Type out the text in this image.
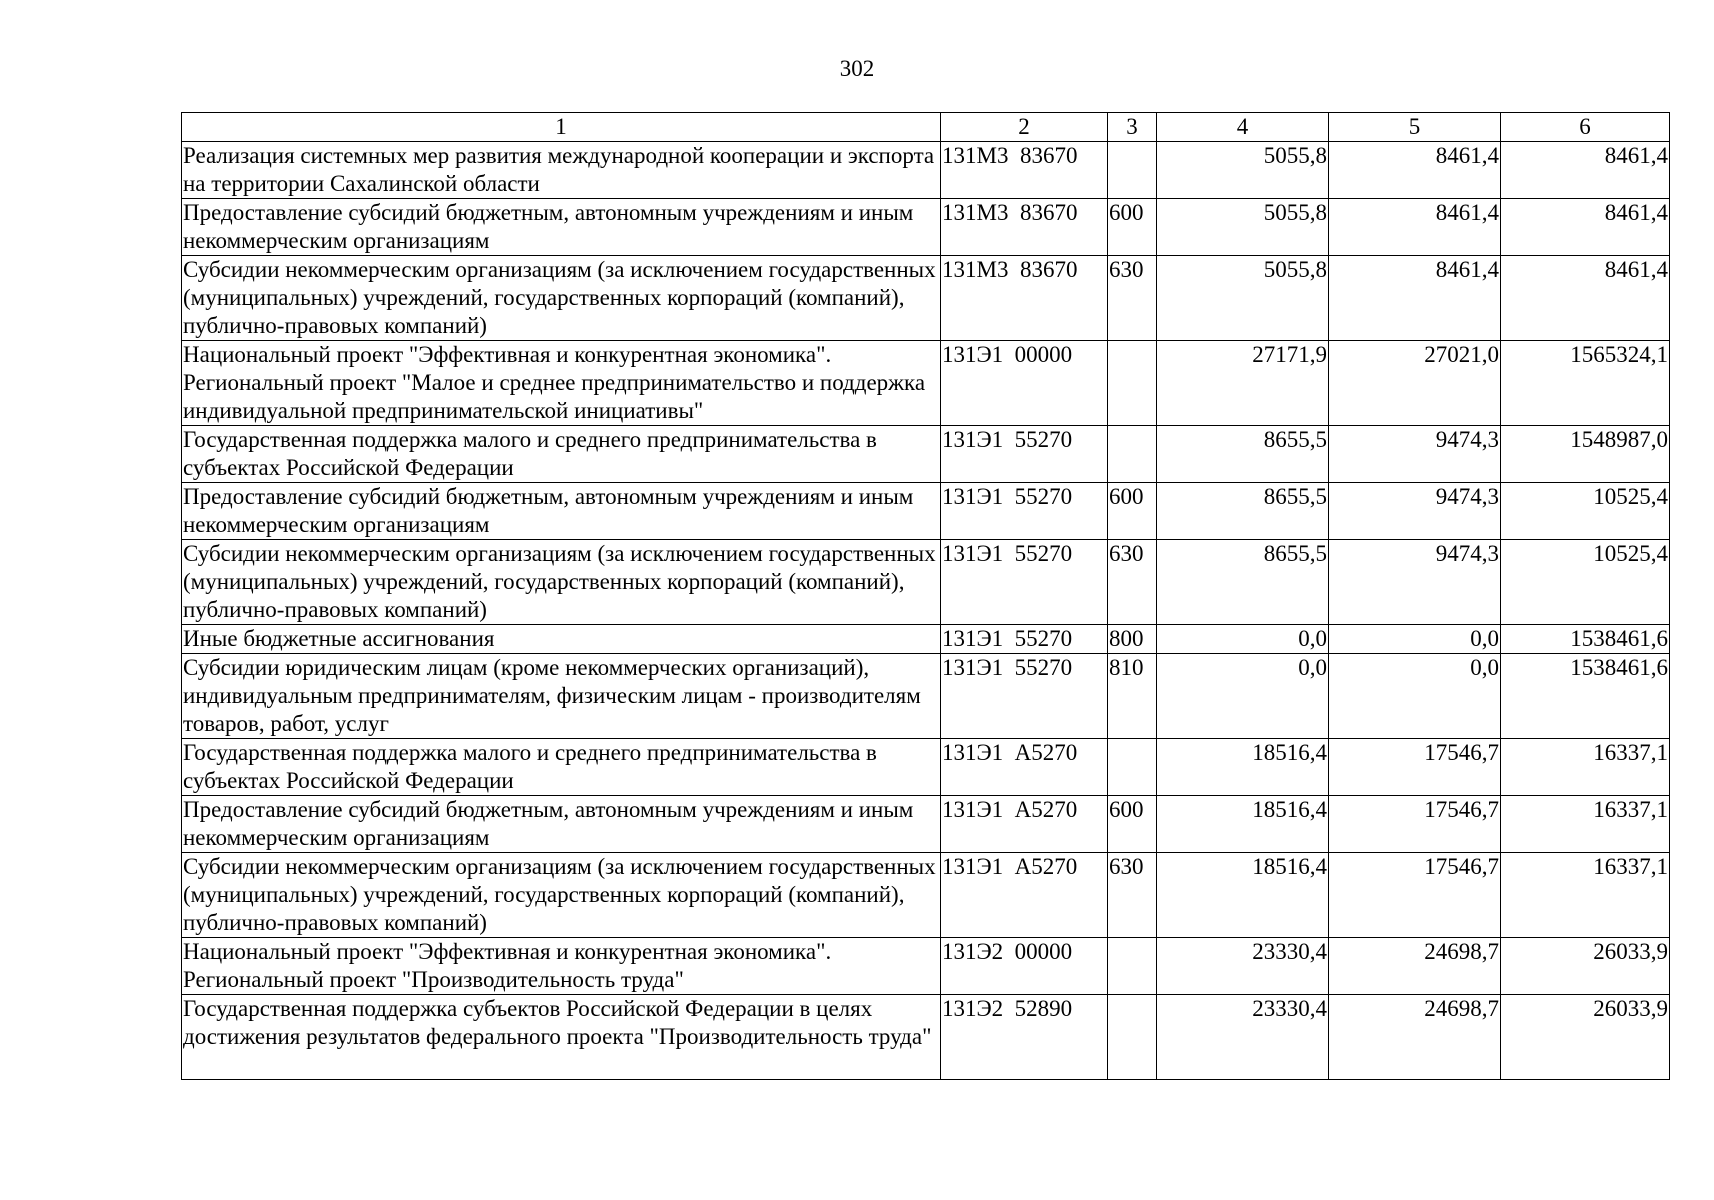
302
1	2	3	4	5	6
Реализация системных мер развития международной кооперации и экспорта на территории Сахалинской области	131M3  83670		5055,8	8461,4	8461,4
Предоставление субсидий бюджетным, автономным учреждениям и иным некоммерческим организациям	131M3  83670	600	5055,8	8461,4	8461,4
Субсидии некоммерческим организациям (за исключением государственных (муниципальных) учреждений, государственных корпораций (компаний), публично-правовых компаний)	131M3  83670	630	5055,8	8461,4	8461,4
Национальный проект "Эффективная и конкурентная экономика". Региональный проект "Малое и среднее предпринимательство и поддержка индивидуальной предпринимательской инициативы"	131Э1  00000		27171,9	27021,0	1565324,1
Государственная поддержка малого и среднего предпринимательства в субъектах Российской Федерации	131Э1  55270		8655,5	9474,3	1548987,0
Предоставление субсидий бюджетным, автономным учреждениям и иным некоммерческим организациям	131Э1  55270	600	8655,5	9474,3	10525,4
Субсидии некоммерческим организациям (за исключением государственных (муниципальных) учреждений, государственных корпораций (компаний), публично-правовых компаний)	131Э1  55270	630	8655,5	9474,3	10525,4
Иные бюджетные ассигнования	131Э1  55270	800	0,0	0,0	1538461,6
Субсидии юридическим лицам (кроме некоммерческих организаций), индивидуальным предпринимателям, физическим лицам - производителям товаров, работ, услуг	131Э1  55270	810	0,0	0,0	1538461,6
Государственная поддержка малого и среднего предпринимательства в субъектах Российской Федерации	131Э1  A5270		18516,4	17546,7	16337,1
Предоставление субсидий бюджетным, автономным учреждениям и иным некоммерческим организациям	131Э1  A5270	600	18516,4	17546,7	16337,1
Субсидии некоммерческим организациям (за исключением государственных (муниципальных) учреждений, государственных корпораций (компаний), публично-правовых компаний)	131Э1  A5270	630	18516,4	17546,7	16337,1
Национальный проект "Эффективная и конкурентная экономика". Региональный проект "Производительность труда"	131Э2  00000		23330,4	24698,7	26033,9
Государственная поддержка субъектов Российской Федерации в целях достижения результатов федерального проекта "Производительность труда"	131Э2  52890		23330,4	24698,7	26033,9
